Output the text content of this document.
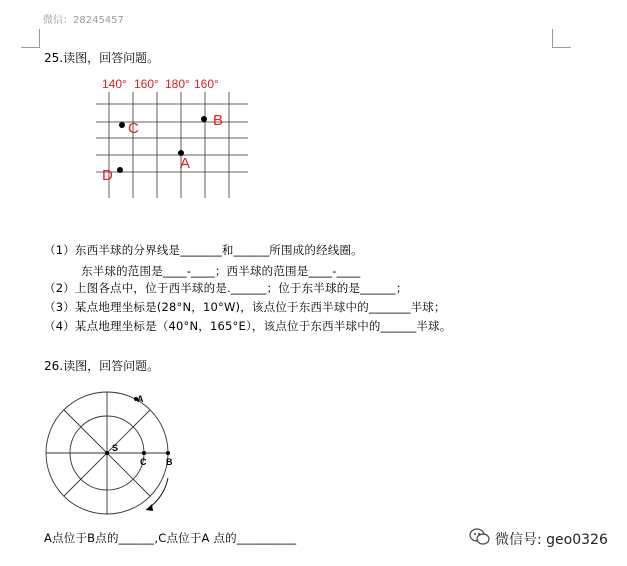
微信：28245457
25.读图，回答问题。
140° 160° 180° 160°
C	B
A
D
（1）东西半球的分界线是_______和______所围成的经线圈。
东半球的范围是____-____；西半球的范围是____-____
（2）上图各点中，位于西半球的是.______；位于东半球的是______；
（3）某点地理坐标是(28°N，10°W)，该点位于东西半球中的_______半球；
（4）某点地理坐标是（40°N，165°E），该点位于东西半球中的______半球。
26.读图，回答问题。
S
C B
A
A点位于B点的______,C点位于A 点的__________	微信号: geo0326
